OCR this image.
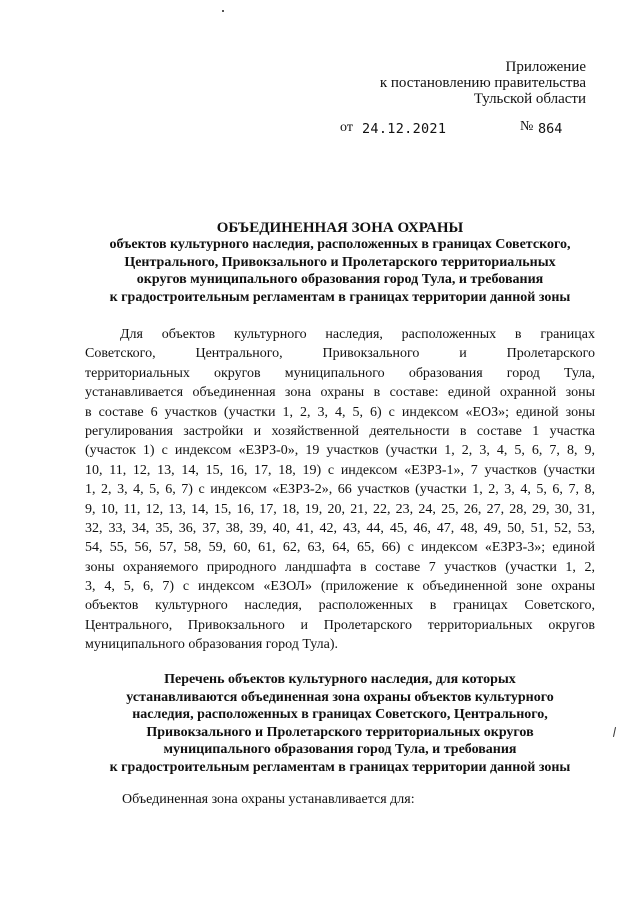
Приложение
к постановлению правительства
Тульской области
от 24.12.2021	№ 864
ОБЪЕДИНЕННАЯ ЗОНА ОХРАНЫ
объектов культурного наследия, расположенных в границах Советского,
Центрального, Привокзального и Пролетарского территориальных
округов муниципального образования город Тула, и требования
к градостроительным регламентам в границах территории данной зоны
Для объектов культурного наследия, расположенных в границах
Советского, Центрального, Привокзального и Пролетарского
территориальных округов муниципального образования город Тула,
устанавливается объединенная зона охраны в составе: единой охранной зоны
в составе 6 участков (участки 1, 2, 3, 4, 5, 6) с индексом «ЕОЗ»; единой зоны
регулирования застройки и хозяйственной деятельности в составе 1 участка
(участок 1) с индексом «ЕЗРЗ-0», 19 участков (участки 1, 2, 3, 4, 5, 6, 7, 8, 9,
10, 11, 12, 13, 14, 15, 16, 17, 18, 19) с индексом «ЕЗРЗ-1», 7 участков (участки
1, 2, 3, 4, 5, 6, 7) с индексом «ЕЗРЗ-2», 66 участков (участки 1, 2, 3, 4, 5, 6, 7, 8,
9, 10, 11, 12, 13, 14, 15, 16, 17, 18, 19, 20, 21, 22, 23, 24, 25, 26, 27, 28, 29, 30, 31,
32, 33, 34, 35, 36, 37, 38, 39, 40, 41, 42, 43, 44, 45, 46, 47, 48, 49, 50, 51, 52, 53,
54, 55, 56, 57, 58, 59, 60, 61, 62, 63, 64, 65, 66) с индексом «ЕЗРЗ-3»; единой
зоны охраняемого природного ландшафта в составе 7 участков (участки 1, 2,
3, 4, 5, 6, 7) с индексом «ЕЗОЛ» (приложение к объединенной зоне охраны
объектов культурного наследия, расположенных в границах Советского,
Центрального, Привокзального и Пролетарского территориальных округов
муниципального образования город Тула).
Перечень объектов культурного наследия, для которых
устанавливаются объединенная зона охраны объектов культурного
наследия, расположенных в границах Советского, Центрального,
Привокзального и Пролетарского территориальных округов
муниципального образования город Тула, и требования
к градостроительным регламентам в границах территории данной зоны
Объединенная зона охраны устанавливается для:
